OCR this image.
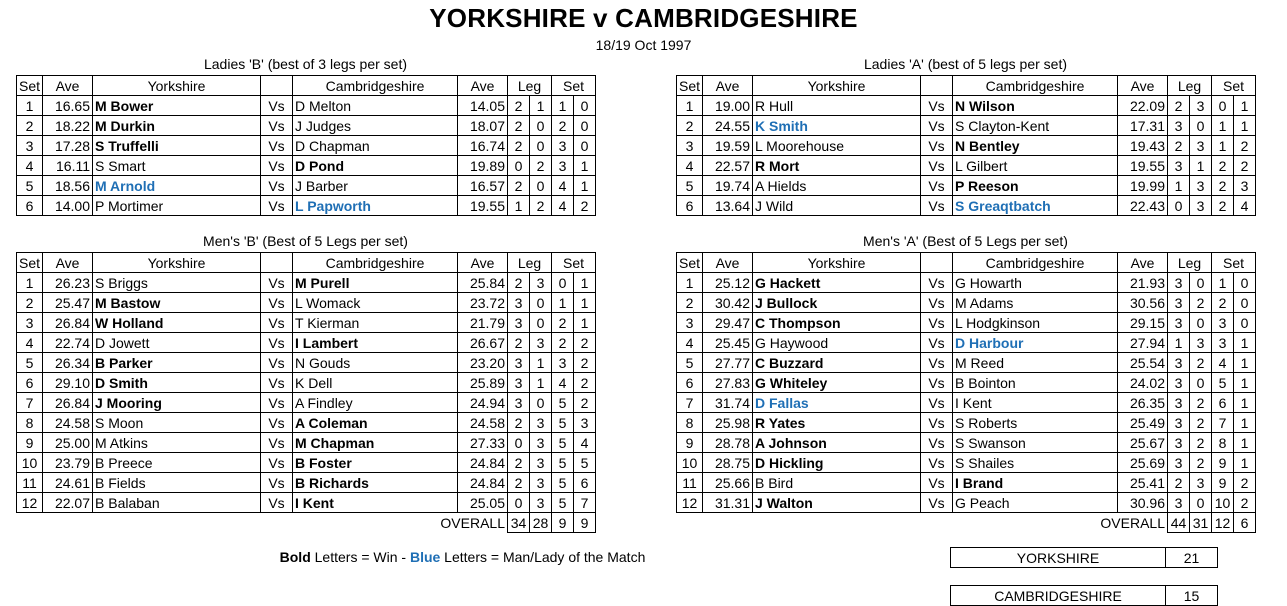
YORKSHIRE v CAMBRIDGESHIRE
18/19 Oct 1997
Ladies 'B' (best of 3 legs per set)
Set	Ave	Yorkshire		Cambridgeshire	Ave	Leg		Set	
1	16.65	M Bower	Vs	D Melton	14.05	2	1	1	0
2	18.22	M Durkin	Vs	J Judges	18.07	2	0	2	0
3	17.28	S Truffelli	Vs	D Chapman	16.74	2	0	3	0
4	16.11	S Smart	Vs	D Pond	19.89	0	2	3	1
5	18.56	M Arnold	Vs	J Barber	16.57	2	0	4	1
6	14.00	P Mortimer	Vs	L Papworth	19.55	1	2	4	2
Ladies 'A' (best of 5 legs per set)
Set	Ave	Yorkshire		Cambridgeshire	Ave	Leg		Set	
1	19.00	R Hull	Vs	N Wilson	22.09	2	3	0	1
2	24.55	K Smith	Vs	S Clayton-Kent	17.31	3	0	1	1
3	19.59	L Moorehouse	Vs	N Bentley	19.43	2	3	1	2
4	22.57	R Mort	Vs	L Gilbert	19.55	3	1	2	2
5	19.74	A Hields	Vs	P Reeson	19.99	1	3	2	3
6	13.64	J Wild	Vs	S Greaqtbatch	22.43	0	3	2	4
Men's 'B' (Best of 5 Legs per set)
Set	Ave	Yorkshire		Cambridgeshire	Ave	Leg		Set	
1	26.23	S Briggs	Vs	M Purell	25.84	2	3	0	1
2	25.47	M Bastow	Vs	L Womack	23.72	3	0	1	1
3	26.84	W Holland	Vs	T Kierman	21.79	3	0	2	1
4	22.74	D Jowett	Vs	I Lambert	26.67	2	3	2	2
5	26.34	B Parker	Vs	N Gouds	23.20	3	1	3	2
6	29.10	D Smith	Vs	K Dell	25.89	3	1	4	2
7	26.84	J Mooring	Vs	A Findley	24.94	3	0	5	2
8	24.58	S Moon	Vs	A Coleman	24.58	2	3	5	3
9	25.00	M Atkins	Vs	M Chapman	27.33	0	3	5	4
10	23.79	B Preece	Vs	B Foster	24.84	2	3	5	5
11	24.61	B Fields	Vs	B Richards	24.84	2	3	5	6
12	22.07	B Balaban	Vs	I Kent	25.05	0	3	5	7
OVERALL						34	28	9	9
Men's 'A' (Best of 5 Legs per set)
Set	Ave	Yorkshire		Cambridgeshire	Ave	Leg		Set	
1	25.12	G Hackett	Vs	G Howarth	21.93	3	0	1	0
2	30.42	J Bullock	Vs	M Adams	30.56	3	2	2	0
3	29.47	C Thompson	Vs	L Hodgkinson	29.15	3	0	3	0
4	25.45	G Haywood	Vs	D Harbour	27.94	1	3	3	1
5	27.77	C Buzzard	Vs	M Reed	25.54	3	2	4	1
6	27.83	G Whiteley	Vs	B Bointon	24.02	3	0	5	1
7	31.74	D Fallas	Vs	I Kent	26.35	3	2	6	1
8	25.98	R Yates	Vs	S Roberts	25.49	3	2	7	1
9	28.78	A Johnson	Vs	S Swanson	25.67	3	2	8	1
10	28.75	D Hickling	Vs	S Shailes	25.69	3	2	9	1
11	25.66	B Bird	Vs	I Brand	25.41	2	3	9	2
12	31.31	J Walton	Vs	G Peach	30.96	3	0	10	2
OVERALL						44	31	12	6
Bold Letters = Win - Blue Letters = Man/Lady of the Match	YORKSHIRE	21
CAMBRIDGESHIRE	15
